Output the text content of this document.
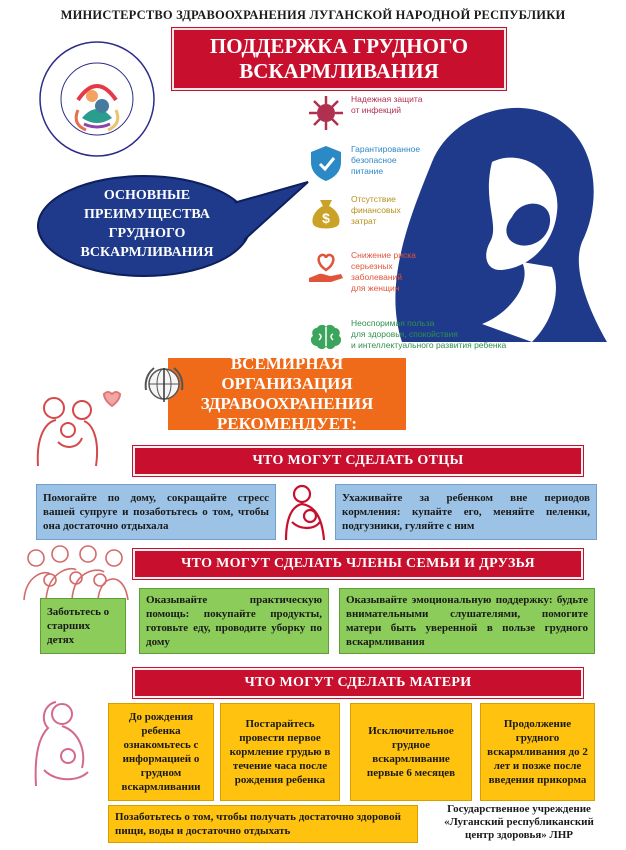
МИНИСТЕРСТВО ЗДРАВООХРАНЕНИЯ ЛУГАНСКОЙ НАРОДНОЙ РЕСПУБЛИКИ
ПОДДЕРЖКА ГРУДНОГО
ВСКАРМЛИВАНИЯ
ОСНОВНЫЕ
ПРЕИМУЩЕСТВА
ГРУДНОГО
ВСКАРМЛИВАНИЯ
Надежная защита
от инфекций
Гарантированное
безопасное
питание
$
Отсутствие
финансовых
затрат
Снижение риска
серьезных
заболеваний
для женщин
Неоспоримая польза
для здоровья, спокойствия
и интеллектуального развития ребенка
ВСЕМИРНАЯ ОРГАНИЗАЦИЯ
ЗДРАВООХРАНЕНИЯ
РЕКОМЕНДУЕТ:
ЧТО МОГУТ СДЕЛАТЬ ОТЦЫ
Помогайте по дому, сокращайте стресс вашей супруге и позаботьтесь о том, чтобы она достаточно отдыхала
Ухаживайте за ребенком вне периодов кормления: купайте его, меняйте пеленки, подгузники, гуляйте с ним
ЧТО МОГУТ СДЕЛАТЬ ЧЛЕНЫ СЕМЬИ И ДРУЗЬЯ
Заботьтесь о старших детях
Оказывайте практическую помощь: покупайте продукты, готовьте еду, проводите уборку по дому
Оказывайте эмоциональную поддержку: будьте внимательными слушателями, помогите матери быть уверенной в пользе грудного вскармливания
ЧТО МОГУТ СДЕЛАТЬ МАТЕРИ
До рождения ребенка ознакомьтесь с информацией о грудном вскармливании
Постарайтесь провести первое кормление грудью в течение часа после рождения ребенка
Исключительное грудное вскармливание первые 6 месяцев
Продолжение грудного вскармливания до 2 лет и позже после введения прикорма
Позаботьтесь о том, чтобы получать достаточно здоровой пищи, воды и достаточно отдыхать
Государственное учреждение
«Луганский республиканский
центр здоровья» ЛНР
